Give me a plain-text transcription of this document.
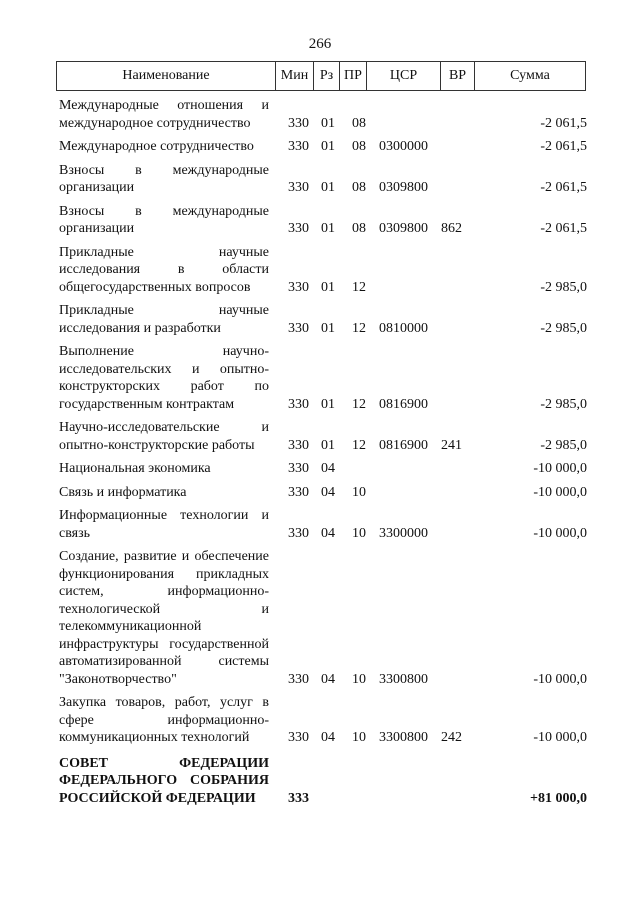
266
Наименование	Мин Рз ПР	ЦСР	ВР	Сумма
Международные отношения и международное сотрудничество	330 01 08	-2 061,5
Международное сотрудничество	330 01 08 0300000	-2 061,5
Взносы в международные организации	330 01 08 0309800	-2 061,5
Взносы в международные организации	330 01 08 0309800 862	-2 061,5
Прикладные научные исследования в области общегосударственных вопросов	330 01 12	-2 985,0
Прикладные научные исследования и разработки	330 01 12 0810000	-2 985,0
Выполнение научно-исследовательских и опытно-конструкторских работ по государственным контрактам	330 01 12 0816900	-2 985,0
Научно-исследовательские и опытно-конструкторские работы	330 01 12 0816900 241	-2 985,0
Национальная экономика	330 04	-10 000,0
Связь и информатика	330 04 10	-10 000,0
Информационные технологии и связь	330 04 10 3300000	-10 000,0
Создание, развитие и обеспечение функционирования прикладных систем, информационно-технологической и телекоммуникационной инфраструктуры государственной автоматизированной системы "Законотворчество"	330 04 10 3300800	-10 000,0
Закупка товаров, работ, услуг в сфере информационно-коммуникационных технологий	330 04 10 3300800 242	-10 000,0
СОВЕТ ФЕДЕРАЦИИ ФЕДЕРАЛЬНОГО СОБРАНИЯ РОССИЙСКОЙ ФЕДЕРАЦИИ	333	+81 000,0
